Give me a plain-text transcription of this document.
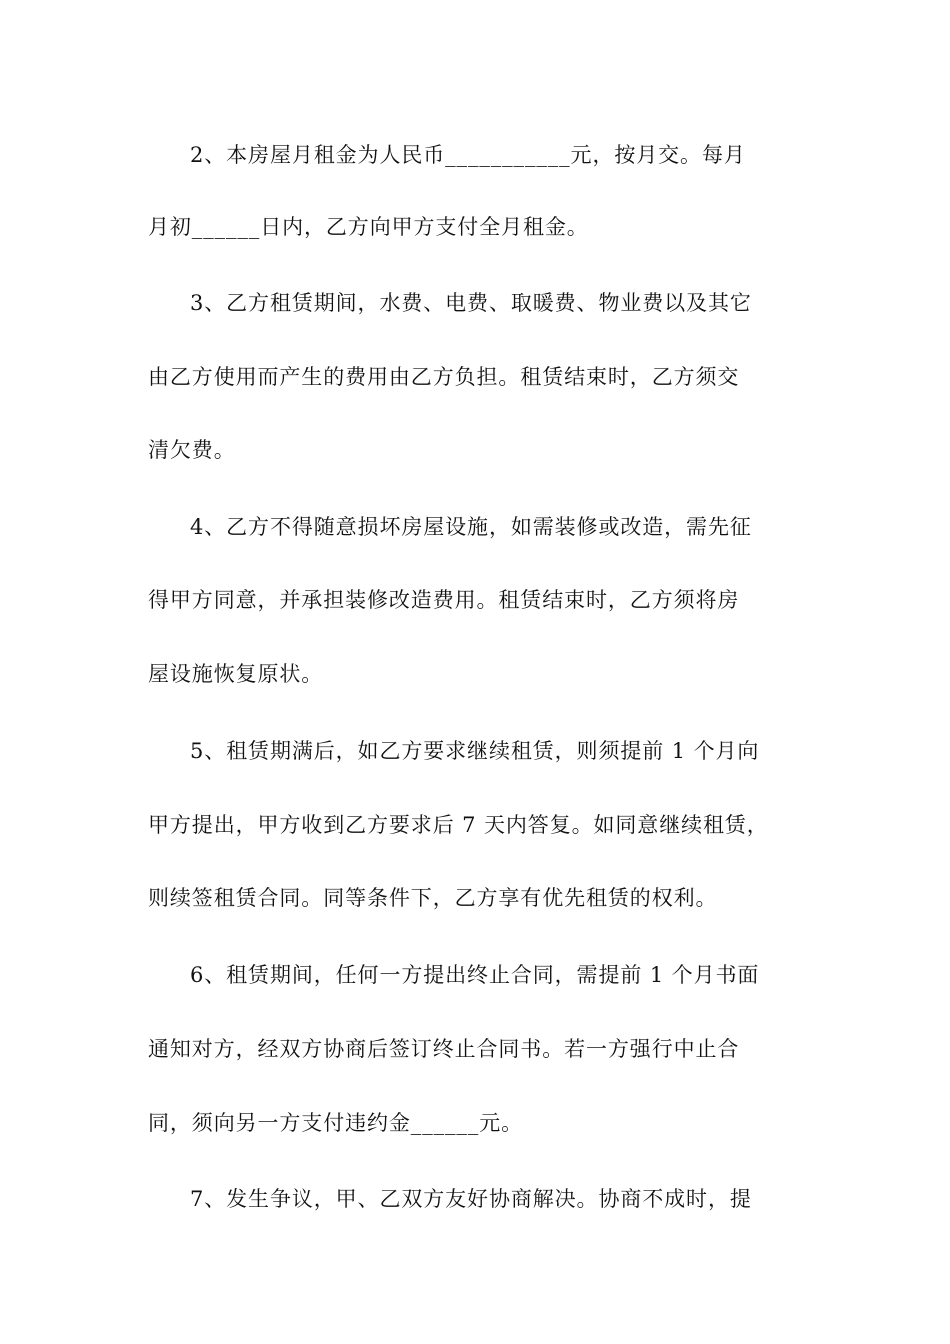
2、本房屋月租金为人民币___________元，按月交。每月
月初______日内，乙方向甲方支付全月租金。
3、乙方租赁期间，水费、电费、取暖费、物业费以及其它
由乙方使用而产生的费用由乙方负担。租赁结束时，乙方须交
清欠费。
4、乙方不得随意损坏房屋设施，如需装修或改造，需先征
得甲方同意，并承担装修改造费用。租赁结束时，乙方须将房
屋设施恢复原状。
5、租赁期满后，如乙方要求继续租赁，则须提前 1 个月向
甲方提出，甲方收到乙方要求后 7 天内答复。如同意继续租赁，
则续签租赁合同。同等条件下，乙方享有优先租赁的权利。
6、租赁期间，任何一方提出终止合同，需提前 1 个月书面
通知对方，经双方协商后签订终止合同书。若一方强行中止合
同，须向另一方支付违约金______元。
7、发生争议，甲、乙双方友好协商解决。协商不成时，提
